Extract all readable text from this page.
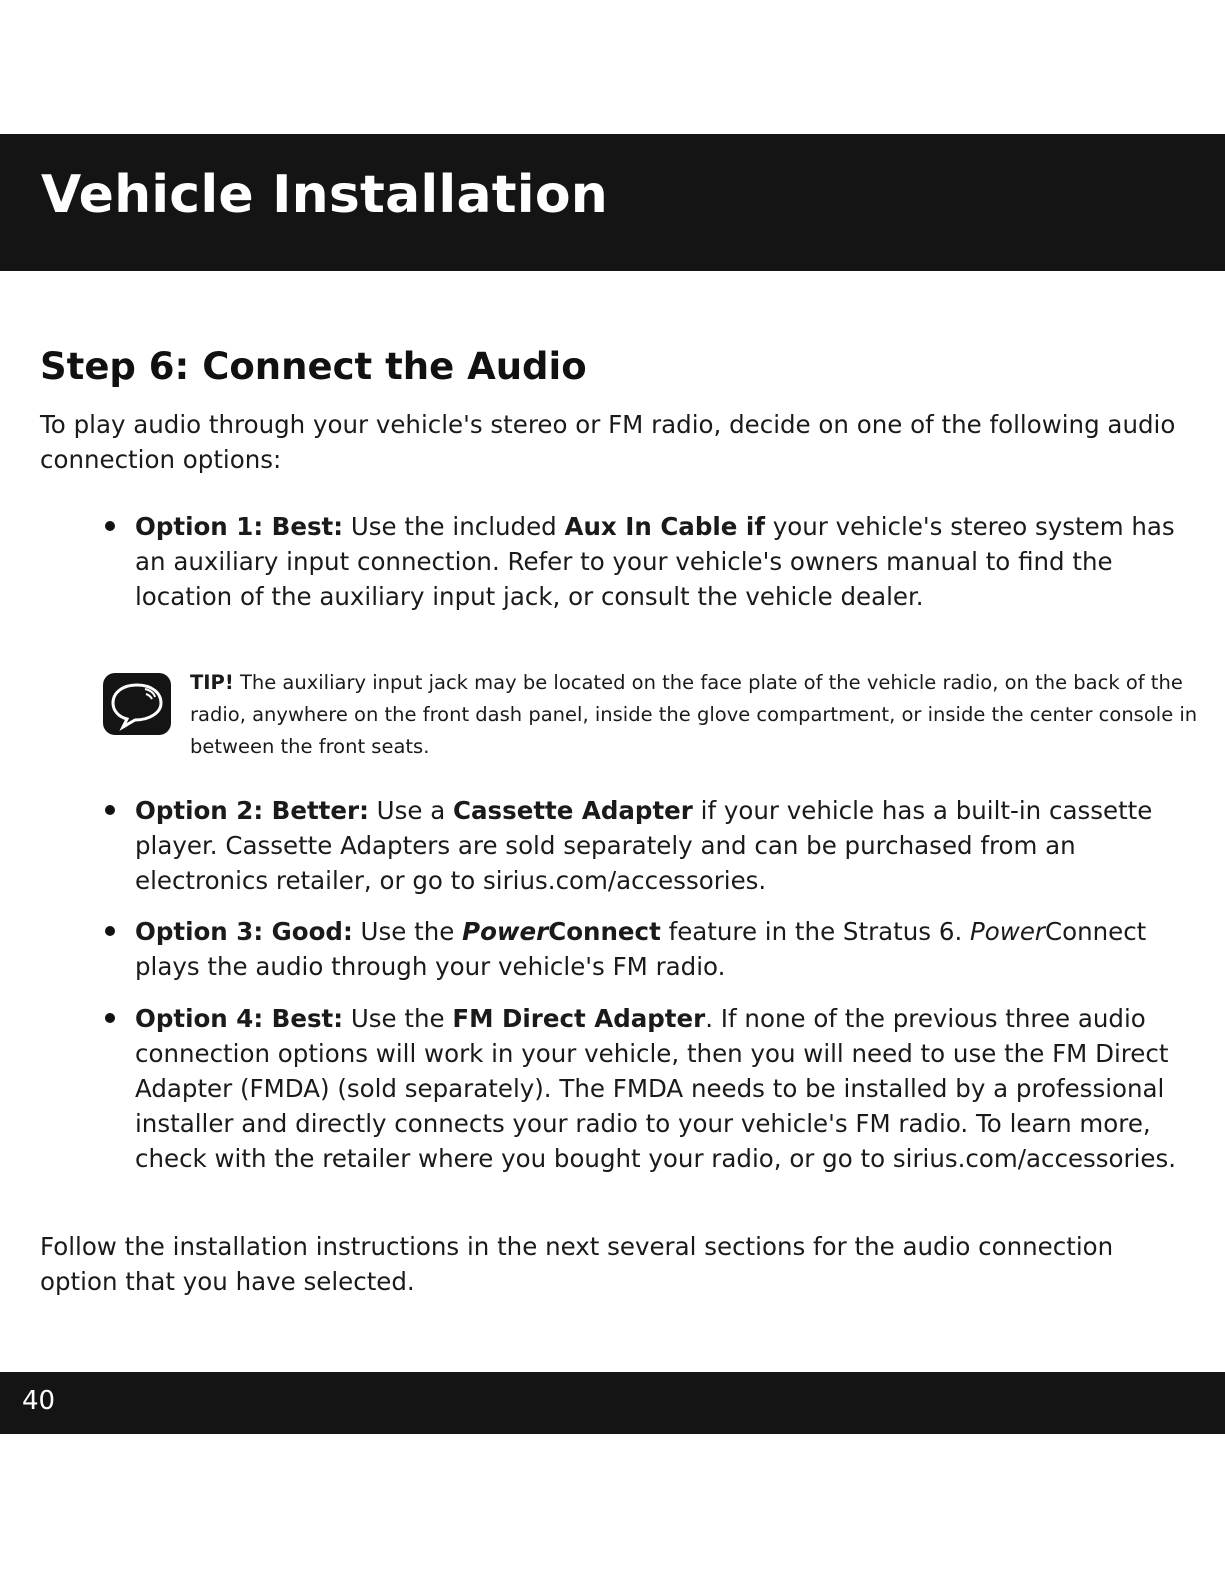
Vehicle Installation
Step 6: Connect the Audio

To play audio through your vehicle's stereo or FM radio, decide on one of the following audio connection options:

Option 1: Best: Use the included Aux In Cable if your vehicle's stereo system has an auxiliary input connection. Refer to your vehicle's owners manual to find the location of the auxiliary input jack, or consult the vehicle dealer.

TIP! The auxiliary input jack may be located on the face plate of the vehicle radio, on the back of the radio, anywhere on the front dash panel, inside the glove compartment, or inside the center console in between the front seats.

Option 2: Better: Use a Cassette Adapter if your vehicle has a built-in cassette player. Cassette Adapters are sold separately and can be purchased from an electronics retailer, or go to sirius.com/accessories.

Option 3: Good: Use the PowerConnect feature in the Stratus 6. PowerConnect plays the audio through your vehicle's FM radio.

Option 4: Best: Use the FM Direct Adapter. If none of the previous three audio connection options will work in your vehicle, then you will need to use the FM Direct Adapter (FMDA) (sold separately). The FMDA needs to be installed by a professional installer and directly connects your radio to your vehicle's FM radio. To learn more, check with the retailer where you bought your radio, or go to sirius.com/accessories.

Follow the installation instructions in the next several sections for the audio connection option that you have selected.

40
